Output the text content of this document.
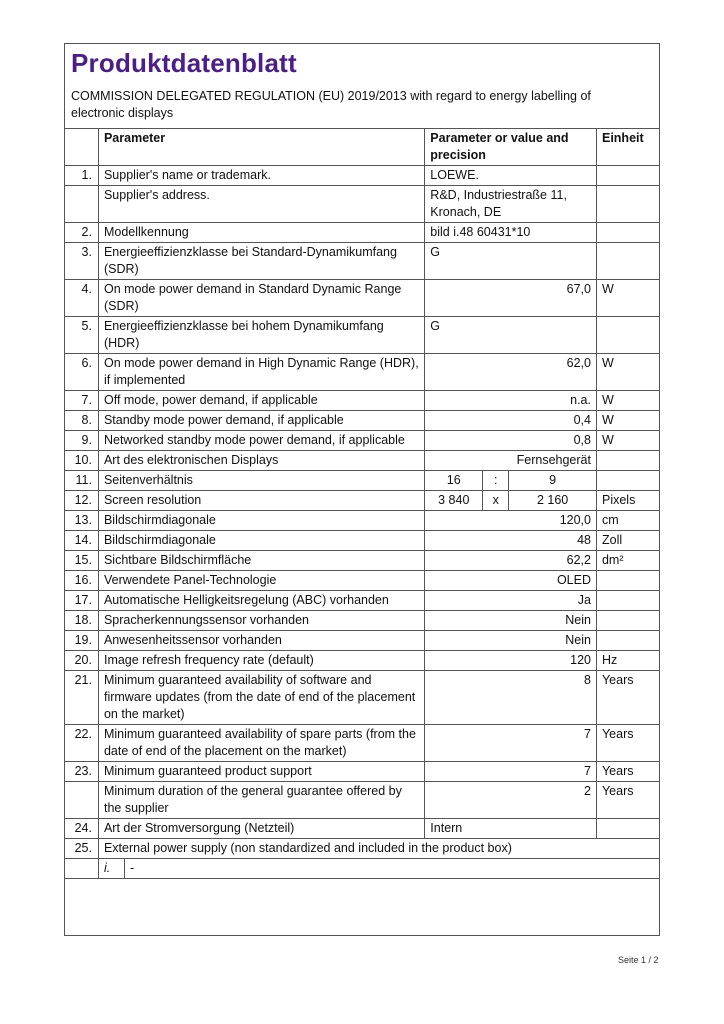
Produktdatenblatt
COMMISSION DELEGATED REGULATION (EU) 2019/2013 with regard to energy labelling of electronic displays
	Parameter		Parameter or value and precision			Einheit
1.	Supplier's name or trademark.		LOEWE.			
	Supplier's address.		R&D, Industriestraße 11, Kronach, DE			
2.	Modellkennung		bild i.48 60431*10			
3.	Energieeffizienzklasse bei Standard-Dynamikumfang (SDR)		G			
4.	On mode power demand in Standard Dynamic Range (SDR)		67,0			W
5.	Energieeffizienzklasse bei hohem Dynamikumfang (HDR)		G			
6.	On mode power demand in High Dynamic Range (HDR), if implemented		62,0			W
7.	Off mode, power demand, if applicable		n.a.			W
8.	Standby mode power demand, if applicable		0,4			W
9.	Networked standby mode power demand, if applicable		0,8			W
10.	Art des elektronischen Displays		Fernsehgerät			
11.	Seitenverhältnis		16	:	9	
12.	Screen resolution		3 840	x	2 160	Pixels
13.	Bildschirmdiagonale		120,0			cm
14.	Bildschirmdiagonale		48			Zoll
15.	Sichtbare Bildschirmfläche		62,2			dm²
16.	Verwendete Panel-Technologie		OLED			
17.	Automatische Helligkeitsregelung (ABC) vorhanden		Ja			
18.	Spracherkennungssensor vorhanden		Nein			
19.	Anwesenheitssensor vorhanden		Nein			
20.	Image refresh frequency rate (default)		120			Hz
21.	Minimum guaranteed availability of software and firmware updates (from the date of end of the placement on the market)		8			Years
22.	Minimum guaranteed availability of spare parts (from the date of end of the placement on the market)		7			Years
23.	Minimum guaranteed product support		7			Years
	Minimum duration of the general guarantee offered by the supplier		2			Years
24.	Art der Stromversorgung (Netzteil)		Intern			
25.	External power supply (non standardized and included in the product box)					
	i.	-				
Seite 1 / 2
